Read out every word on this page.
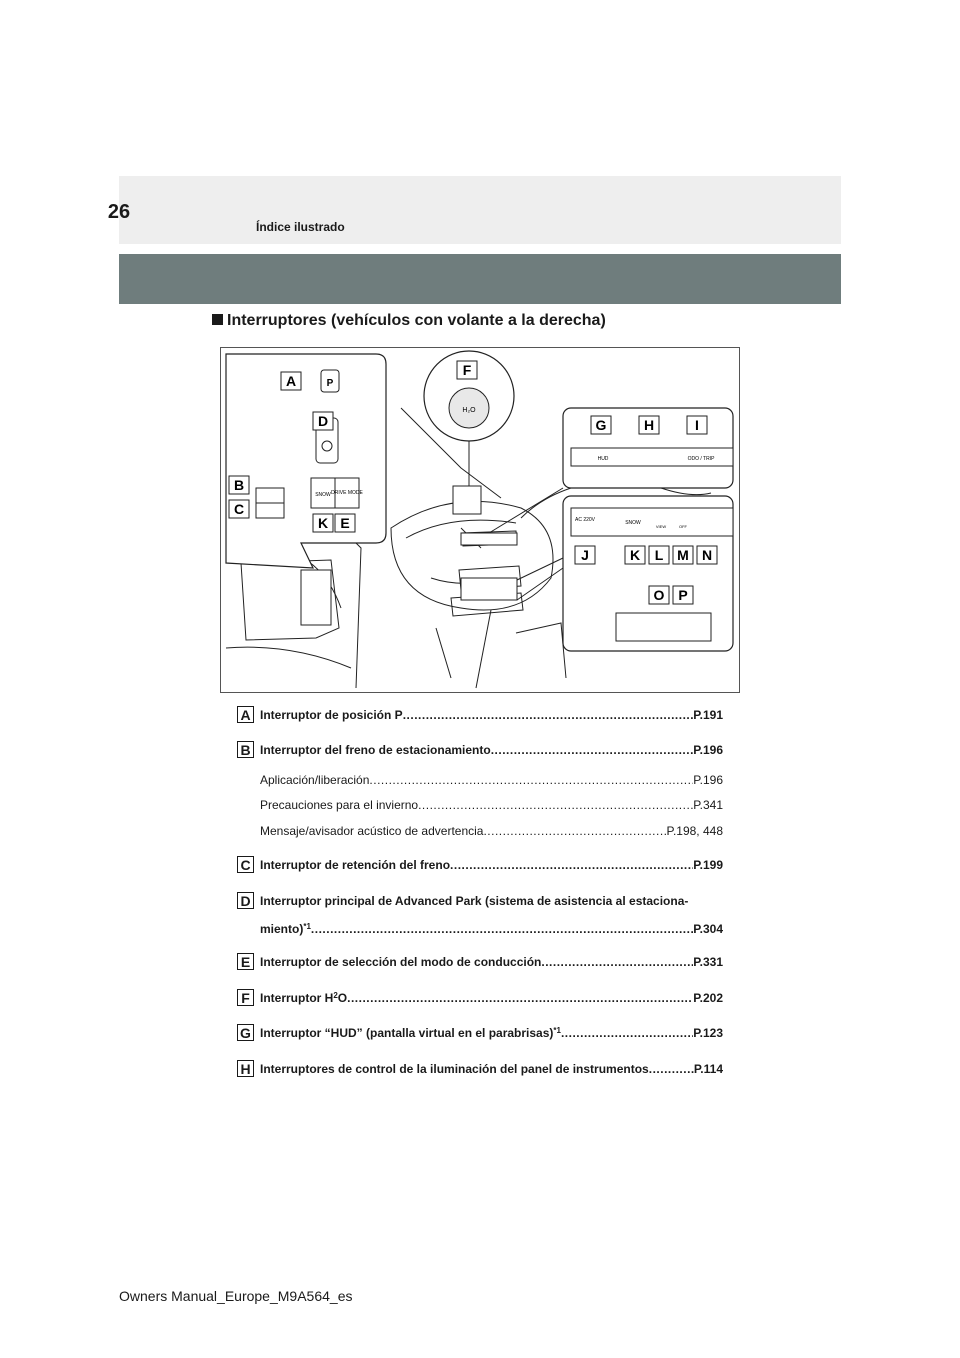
26
Índice ilustrado
Interruptores (vehículos con volante a la derecha)
P
SNOW DRIVE MODE
H₂O
HUD	ODO / TRIP
AC 220V	SNOW
VIEW	OFF
A
B
C
D
K E
F
G	H	I
J	K L M N
O P
A Interruptor de posición P .....	P.191
B Interruptor del freno de estacionamiento .....	P.196
Aplicación/liberación .....	P.196
Precauciones para el invierno .....	P.341
Mensaje/avisador acústico de advertencia .....	P.198, 448
C Interruptor de retención del freno .....	P.199
D Interruptor principal de Advanced Park (sistema de asistencia al estaciona-
miento) *1 .....	P.304
E Interruptor de selección del modo de conducción .....	P.331
F Interruptor H 2 O .....	P.202
G Interruptor “HUD” (pantalla virtual en el parabrisas) *1 .....	P.123
H Interruptores de control de la iluminación del panel de instrumentos .....	P.114
Owners Manual_Europe_M9A564_es
